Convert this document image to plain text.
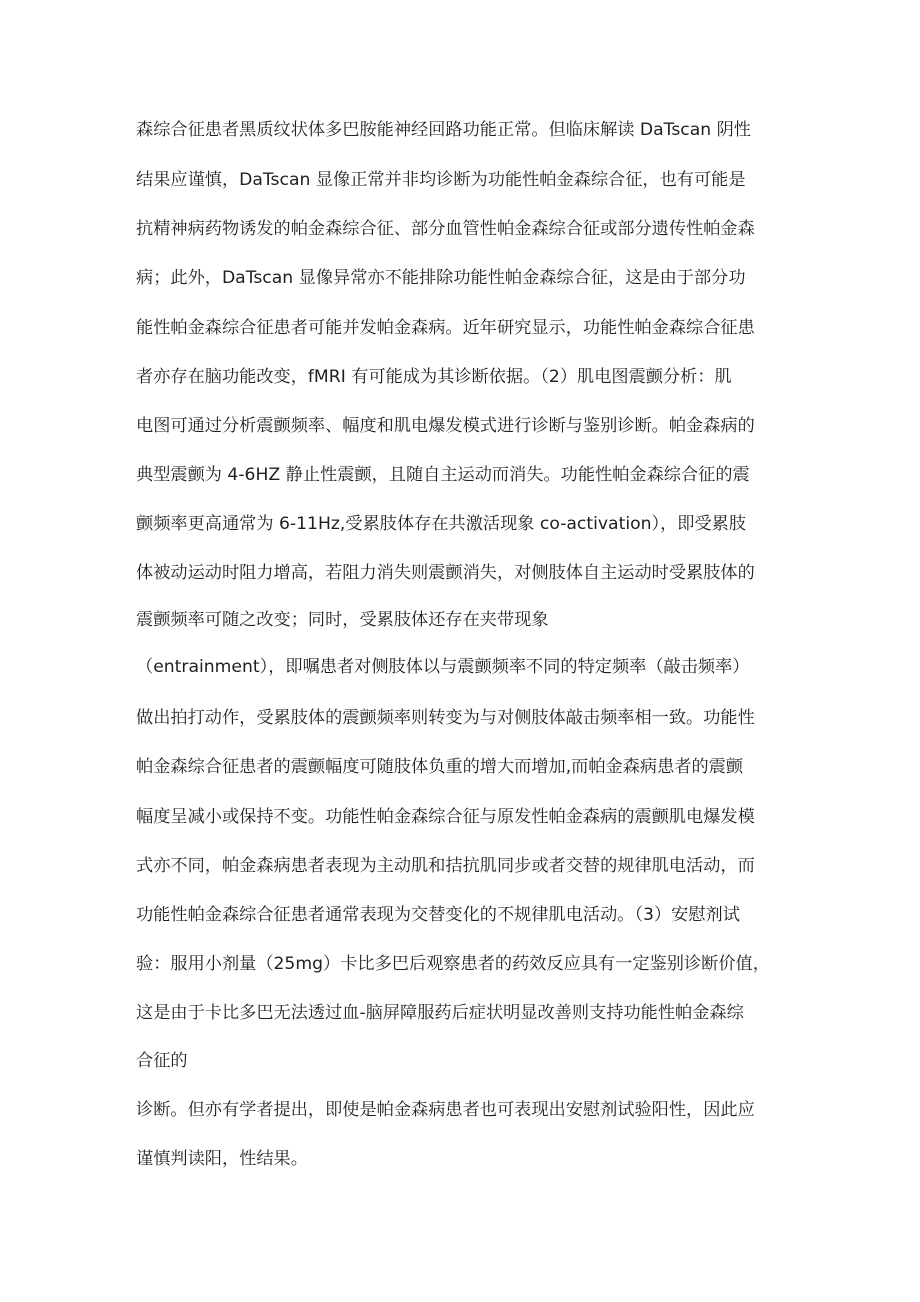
森综合征患者黑质纹状体多巴胺能神经回路功能正常。但临床解读 DaTscan 阴性
结果应谨慎，DaTscan 显像正常并非均诊断为功能性帕金森综合征，也有可能是
抗精神病药物诱发的帕金森综合征、部分血管性帕金森综合征或部分遗传性帕金森
病；此外，DaTscan 显像异常亦不能排除功能性帕金森综合征，这是由于部分功
能性帕金森综合征患者可能并发帕金森病。近年研究显示，功能性帕金森综合征患
者亦存在脑功能改变，fMRI 有可能成为其诊断依据。（2）肌电图震颤分析：肌
电图可通过分析震颤频率、幅度和肌电爆发模式进行诊断与鉴别诊断。帕金森病的
典型震颤为 4-6HZ 静止性震颤，且随自主运动而消失。功能性帕金森综合征的震
颤频率更高通常为 6-11Hz,受累肢体存在共激活现象 co-activation），即受累肢
体被动运动时阻力增高，若阻力消失则震颤消失，对侧肢体自主运动时受累肢体的
震颤频率可随之改变；同时，受累肢体还存在夹带现象
（entrainment），即嘱患者对侧肢体以与震颤频率不同的特定频率（敲击频率）
做出拍打动作，受累肢体的震颤频率则转变为与对侧肢体敲击频率相一致。功能性
帕金森综合征患者的震颤幅度可随肢体负重的增大而增加,而帕金森病患者的震颤
幅度呈减小或保持不变。功能性帕金森综合征与原发性帕金森病的震颤肌电爆发模
式亦不同，帕金森病患者表现为主动肌和拮抗肌同步或者交替的规律肌电活动，而
功能性帕金森综合征患者通常表现为交替变化的不规律肌电活动。（3）安慰剂试
验：服用小剂量（25mg）卡比多巴后观察患者的药效反应具有一定鉴别诊断价值，
这是由于卡比多巴无法透过血-脑屏障服药后症状明显改善则支持功能性帕金森综
合征的
诊断。但亦有学者提出，即使是帕金森病患者也可表现出安慰剂试验阳性，因此应
谨慎判读阳，性结果。
